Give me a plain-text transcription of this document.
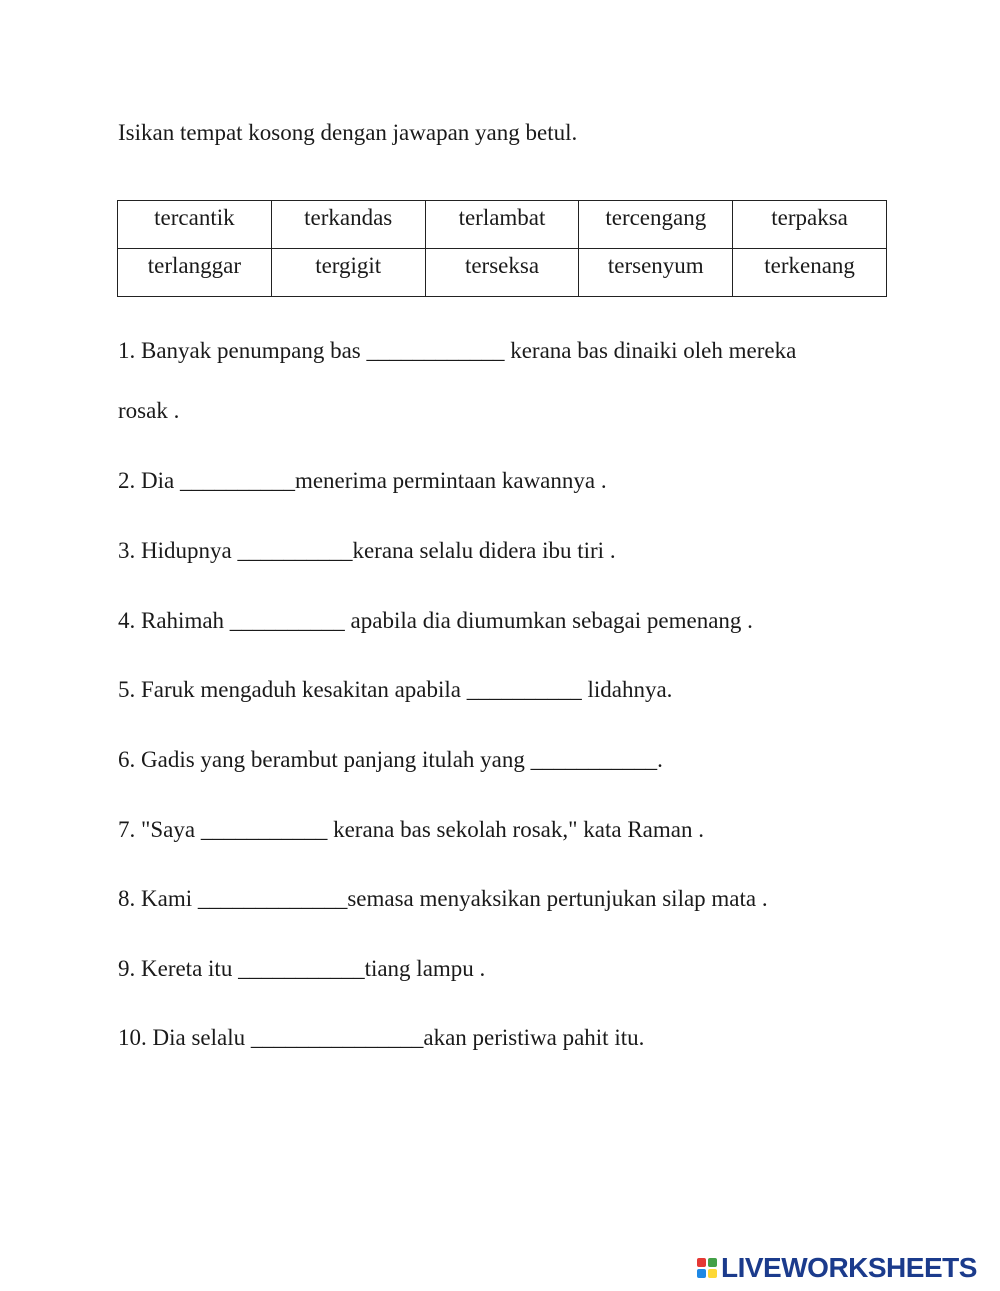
Isikan tempat kosong dengan jawapan yang betul.

tercantik	terkandas	terlambat	tercengang	terpaksa
terlanggar	tergigit	terseksa	tersenyum	terkenang

1. Banyak penumpang bas ____________ kerana bas dinaiki oleh mereka

rosak .

2. Dia __________menerima permintaan kawannya .

3. Hidupnya __________kerana selalu didera ibu tiri .

4. Rahimah __________ apabila dia diumumkan sebagai pemenang .

5. Faruk mengaduh kesakitan apabila __________ lidahnya.

6. Gadis yang berambut panjang itulah yang ___________.

7. "Saya ___________ kerana bas sekolah rosak," kata Raman .

8. Kami _____________semasa menyaksikan pertunjukan silap mata .

9. Kereta itu ___________tiang lampu .

10. Dia selalu _______________akan peristiwa pahit itu.

LIVEWORKSHEETS
